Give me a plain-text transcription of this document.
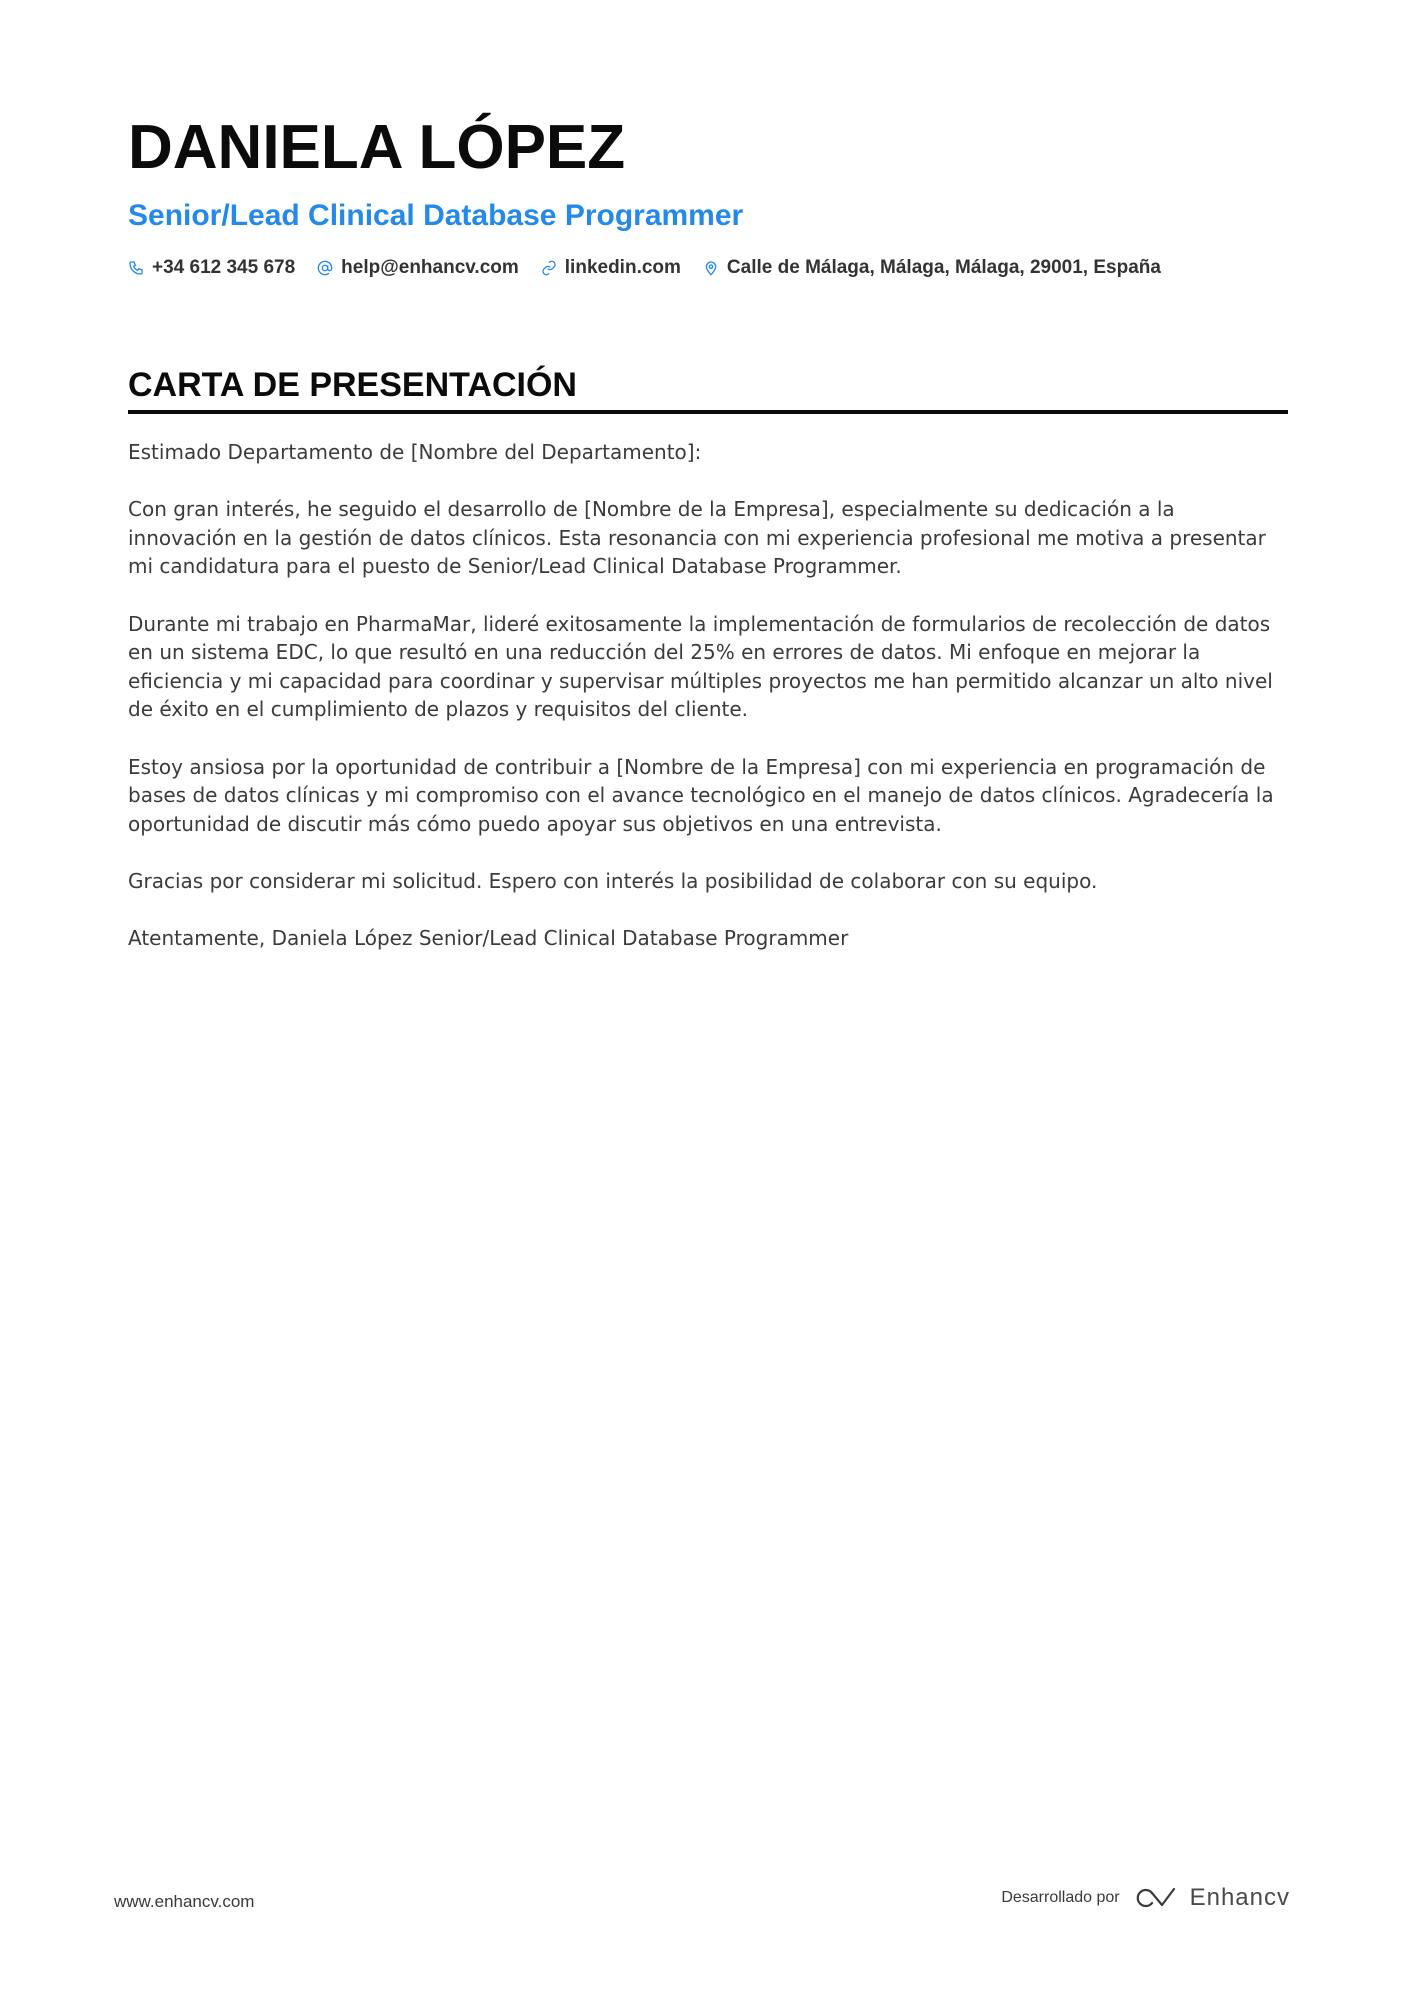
DANIELA LÓPEZ
Senior/Lead Clinical Database Programmer
+34 612 345 678 help@enhancv.com linkedin.com Calle de Málaga, Málaga, Málaga, 29001, España
CARTA DE PRESENTACIÓN

Estimado Departamento de [Nombre del Departamento]:

Con gran interés, he seguido el desarrollo de [Nombre de la Empresa], especialmente su dedicación a la innovación en la gestión de datos clínicos. Esta resonancia con mi experiencia profesional me motiva a presentar mi candidatura para el puesto de Senior/Lead Clinical Database Programmer.

Durante mi trabajo en PharmaMar, lideré exitosamente la implementación de formularios de recolección de datos en un sistema EDC, lo que resultó en una reducción del 25% en errores de datos. Mi enfoque en mejorar la eficiencia y mi capacidad para coordinar y supervisar múltiples proyectos me han permitido alcanzar un alto nivel de éxito en el cumplimiento de plazos y requisitos del cliente.

Estoy ansiosa por la oportunidad de contribuir a [Nombre de la Empresa] con mi experiencia en programación de bases de datos clínicas y mi compromiso con el avance tecnológico en el manejo de datos clínicos. Agradecería la oportunidad de discutir más cómo puedo apoyar sus objetivos en una entrevista.

Gracias por considerar mi solicitud. Espero con interés la posibilidad de colaborar con su equipo.

Atentamente, Daniela López Senior/Lead Clinical Database Programmer

www.enhancv.com	Desarrollado por	Enhancv
